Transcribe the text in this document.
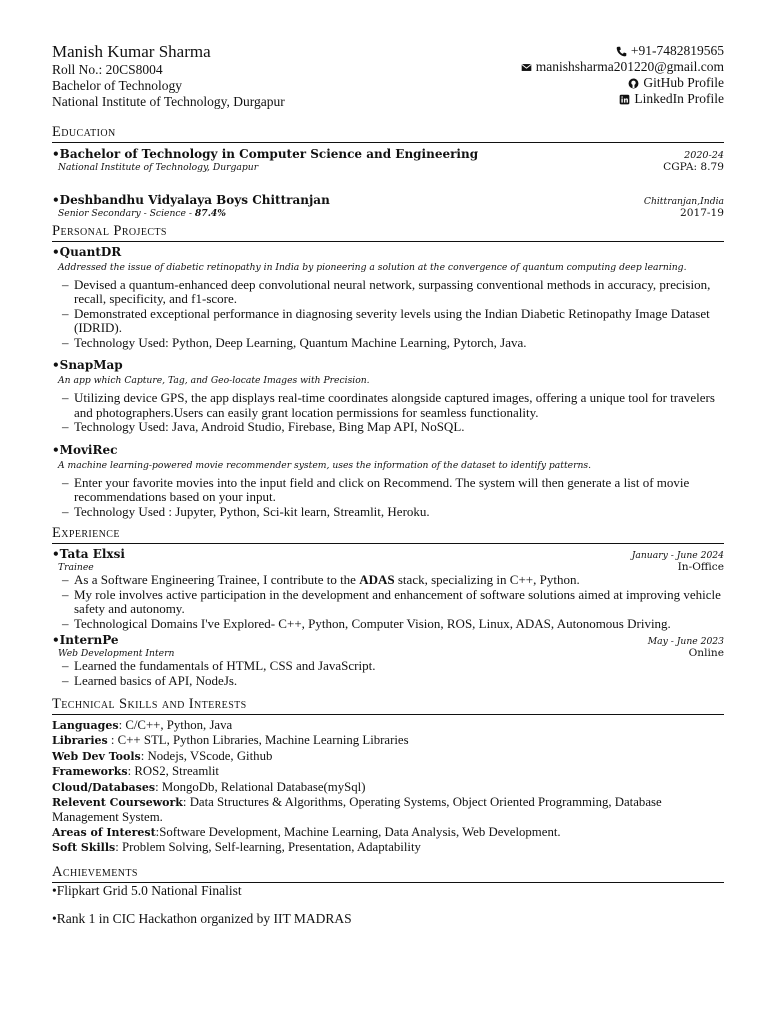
Manish Kumar Sharma
Roll No.: 20CS8004
Bachelor of Technology
National Institute of Technology, Durgapur
+91-7482819565
manishsharma201220@gmail.com
GitHub Profile
LinkedIn Profile
Education
•Bachelor of Technology in Computer Science and Engineering	2020-24
National Institute of Technology, Durgapur	CGPA: 8.79
•Deshbandhu Vidyalaya Boys Chittranjan	Chittranjan,India
Senior Secondary - Science - 87.4%	2017-19
Personal Projects
•QuantDR
Addressed the issue of diabetic retinopathy in India by pioneering a solution at the convergence of quantum computing deep learning.
– Devised a quantum-enhanced deep convolutional neural network, surpassing conventional methods in accuracy, precision, recall, specificity, and f1-score.
– Demonstrated exceptional performance in diagnosing severity levels using the Indian Diabetic Retinopathy Image Dataset (IDRID).
– Technology Used: Python, Deep Learning, Quantum Machine Learning, Pytorch, Java.
•SnapMap
An app which Capture, Tag, and Geo-locate Images with Precision.
– Utilizing device GPS, the app displays real-time coordinates alongside captured images, offering a unique tool for travelers and photographers.Users can easily grant location permissions for seamless functionality.
– Technology Used: Java, Android Studio, Firebase, Bing Map API, NoSQL.
•MoviRec
A machine learning-powered movie recommender system, uses the information of the dataset to identify patterns.
– Enter your favorite movies into the input field and click on Recommend. The system will then generate a list of movie recommendations based on your input.
– Technology Used : Jupyter, Python, Sci-kit learn, Streamlit, Heroku.
Experience
•Tata Elxsi	January - June 2024
Trainee	In-Office
– As a Software Engineering Trainee, I contribute to the ADAS stack, specializing in C++, Python.
– My role involves active participation in the development and enhancement of software solutions aimed at improving vehicle safety and autonomy.
– Technological Domains I've Explored- C++, Python, Computer Vision, ROS, Linux, ADAS, Autonomous Driving.
•InternPe	May - June 2023
Web Development Intern	Online
– Learned the fundamentals of HTML, CSS and JavaScript.
– Learned basics of API, NodeJs.
Technical Skills and Interests
Languages: C/C++, Python, Java
Libraries : C++ STL, Python Libraries, Machine Learning Libraries
Web Dev Tools: Nodejs, VScode, Github
Frameworks: ROS2, Streamlit
Cloud/Databases: MongoDb, Relational Database(mySql)
Relevent Coursework: Data Structures & Algorithms, Operating Systems, Object Oriented Programming, Database Management System.
Areas of Interest:Software Development, Machine Learning, Data Analysis, Web Development.
Soft Skills: Problem Solving, Self-learning, Presentation, Adaptability
Achievements
•Flipkart Grid 5.0 National Finalist
•Rank 1 in CIC Hackathon organized by IIT MADRAS
